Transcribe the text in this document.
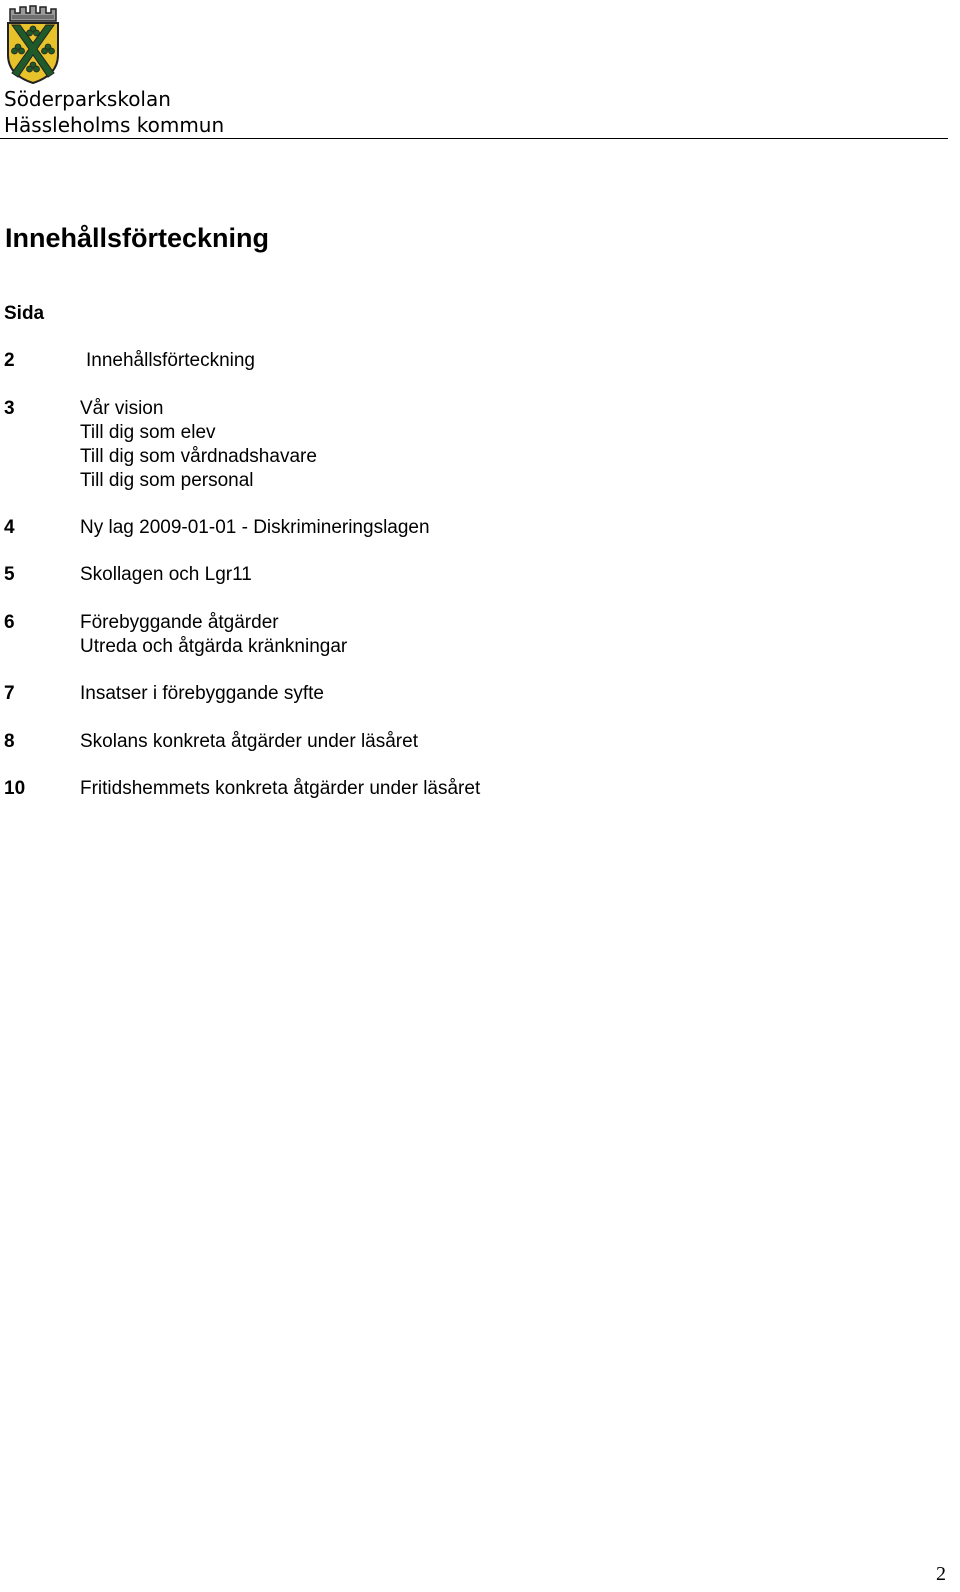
Söderparkskolan
Hässleholms kommun
Innehållsförteckning
Sida
2	Innehållsförteckning
3	Vår vision
Till dig som elev
Till dig som vårdnadshavare
Till dig som personal
4	Ny lag 2009-01-01 - Diskrimineringslagen
5	Skollagen och Lgr11
6	Förebyggande åtgärder
Utreda och åtgärda kränkningar
7	Insatser i förebyggande syfte
8	Skolans konkreta åtgärder under läsåret
10	Fritidshemmets konkreta åtgärder under läsåret
2
